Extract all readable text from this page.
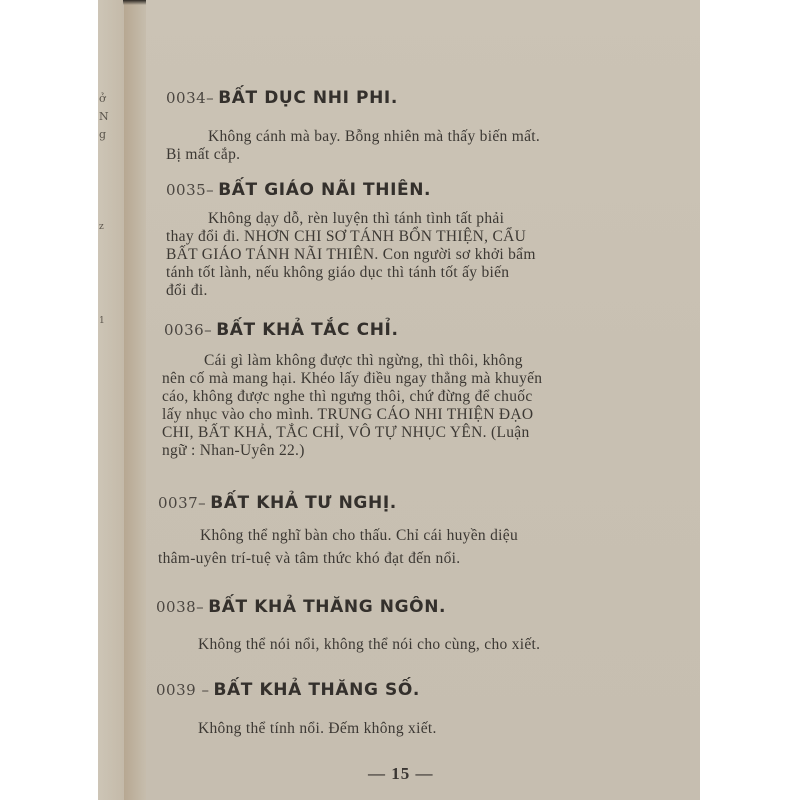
ở
N
g
z
1
0034– BẤT DỤC NHI PHI.
Không cánh mà bay. Bỗng nhiên mà thấy biến mất.
Bị mất cắp.
0035– BẤT GIÁO NÃI THIÊN.
Không dạy dỗ, rèn luyện thì tánh tình tất phải
thay đổi đi. NHƠN CHI SƠ TÁNH BỔN THIỆN, CẨU
BẤT GIÁO TÁNH NÃI THIÊN. Con người sơ khởi bẩm
tánh tốt lành, nếu không giáo dục thì tánh tốt ấy biến
đổi đi.
0036– BẤT KHẢ TẮC CHỈ.
Cái gì làm không được thì ngừng, thì thôi, không
nên cố mà mang hại. Khéo lấy điều ngay thẳng mà khuyến
cáo, không được nghe thì ngưng thôi, chứ đừng để chuốc
lấy nhục vào cho mình. TRUNG CÁO NHI THIỆN ĐẠO
CHI, BẤT KHẢ, TẮC CHỈ, VÔ TỰ NHỤC YÊN. (Luận
ngữ : Nhan-Uyên 22.)
0037– BẤT KHẢ TƯ NGHỊ.
Không thể nghĩ bàn cho thấu. Chỉ cái huyền diệu
thâm-uyên trí-tuệ và tâm thức khó đạt đến nổi.
0038– BẤT KHẢ THĂNG NGÔN.
Không thể nói nổi, không thể nói cho cùng, cho xiết.
0039 – BẤT KHẢ THĂNG SỐ.
Không thể tính nổi. Đếm không xiết.
— 15 —
